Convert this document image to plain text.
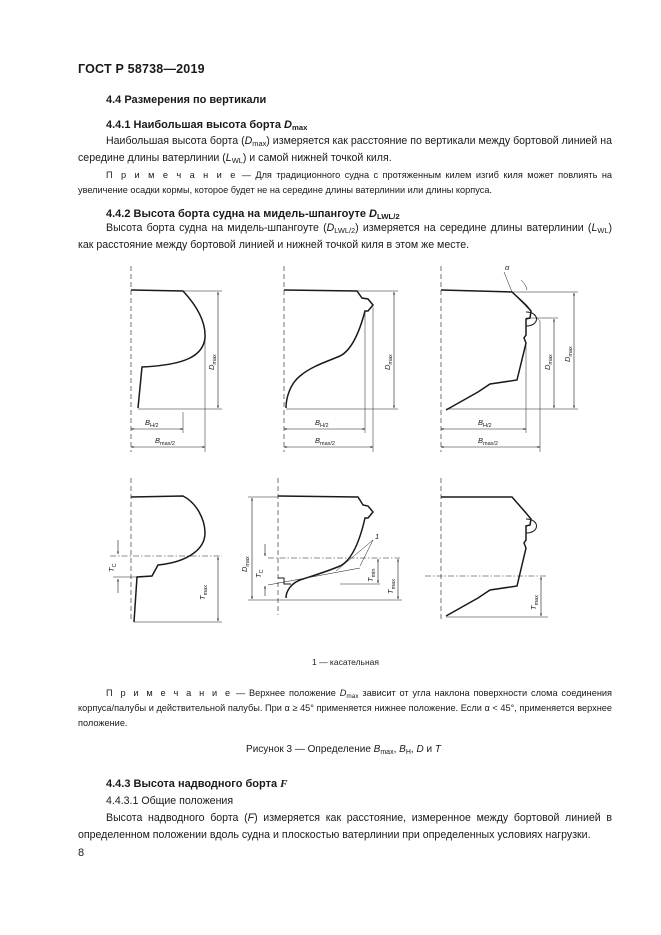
ГОСТ Р 58738—2019
4.4 Размерения по вертикали
4.4.1 Наибольшая высота борта $D_{max}$
Наибольшая высота борта $(D_{max})$ измеряется как расстояние по вертикали между бортовой линией на середине длины ватерлинии $(L_{WL})$ и самой нижней точкой киля.
П р и м е ч а н и е — Для традиционного судна с протяженным килем изгиб киля может повлиять на увеличение осадки кормы, которое будет не на середине длины ватерлинии или длины корпуса.
4.4.2 Высота борта судна на мидель-шпангоуте $D_{LWL/2}$
Высота борта судна на мидель-шпангоуте $(D_{LWL/2})$ измеряется на середине длины ватерлинии $(L_{WL})$ как расстояние между бортовой линией и нижней точкой киля в этом же месте.
$D_{max}$
$B_{H/2}$
$B_{max/2}$
$D_{max}$
$B_{H/2}$
$B_{max/2}$
α
$D_{max}$ $D_{max}$
$B_{H/2}$
$B_{max/2}$
$T_C$
$T_{max}$
$D_{max}$
$T_C$
$T_{min}$
$T_{max}$
1
$T_{max}$
1 — касательная
П р и м е ч а н и е — Верхнее положение $D_{max}$ зависит от угла наклона поверхности слома соединения корпуса/палубы и действительной палубы. При α ≥ 45° применяется нижнее положение. Если α < 45°, применяется верхнее положение.
Рисунок 3 — Определение $B_{max}$, $B_H$, D и T
4.4.3 Высота надводного борта F
4.4.3.1 Общие положения
Высота надводного борта (F) измеряется как расстояние, измеренное между бортовой линией в определенном положении вдоль судна и плоскостью ватерлинии при определенных условиях нагрузки.
8
